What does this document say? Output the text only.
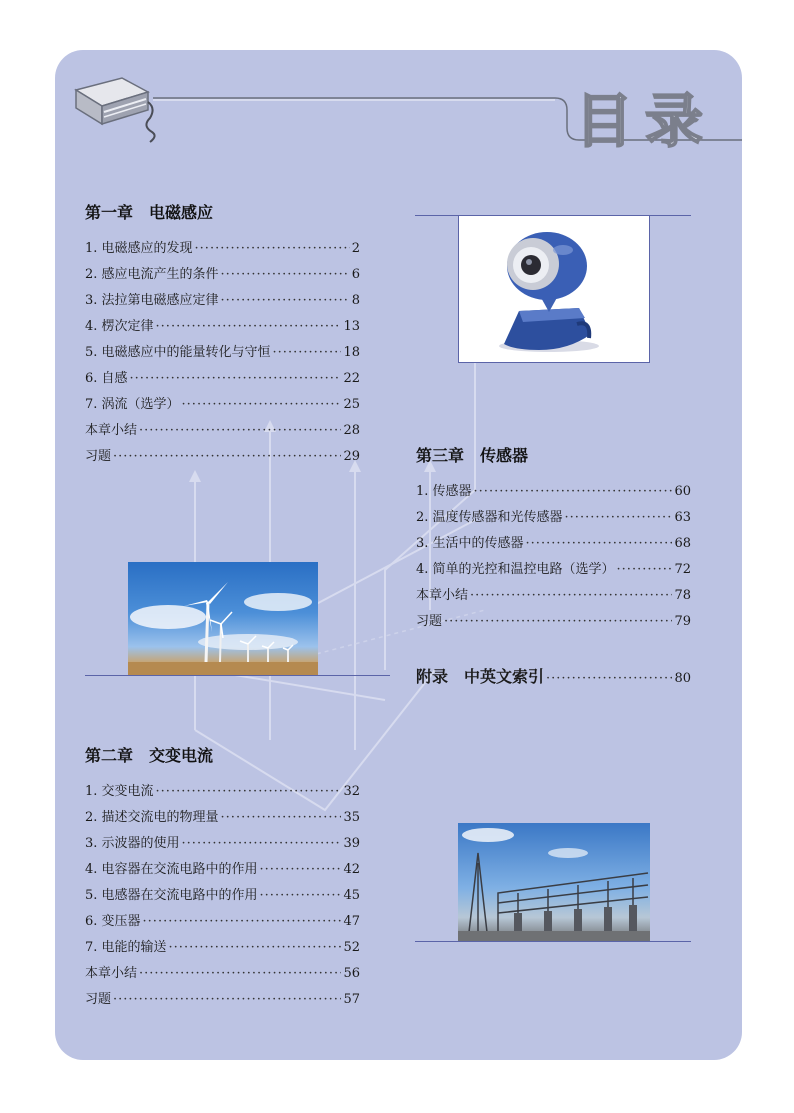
目录
第一章　电磁感应
1. 电磁感应的发现 ·····	2
2. 感应电流产生的条件 ·····	6
3. 法拉第电磁感应定律 ·····	8
4. 楞次定律 ·····	13
5. 电磁感应中的能量转化与守恒 ·····	18
6. 自感 ·····	22
7. 涡流（选学） ·····	25
本章小结 ·····	28
习题 ·····	29
第二章　交变电流
1. 交变电流 ·····	32
2. 描述交流电的物理量 ·····	35
3. 示波器的使用 ·····	39
4. 电容器在交流电路中的作用 ·····	42
5. 电感器在交流电路中的作用 ·····	45
6. 变压器 ·····	47
7. 电能的输送 ·····	52
本章小结 ·····	56
习题 ·····	57
第三章　传感器
1. 传感器 ·····	60
2. 温度传感器和光传感器 ·····	63
3. 生活中的传感器 ·····	68
4. 简单的光控和温控电路（选学） ·····	72
本章小结 ·····	78
习题 ·····	79
附录　中英文索引 ·····	80
